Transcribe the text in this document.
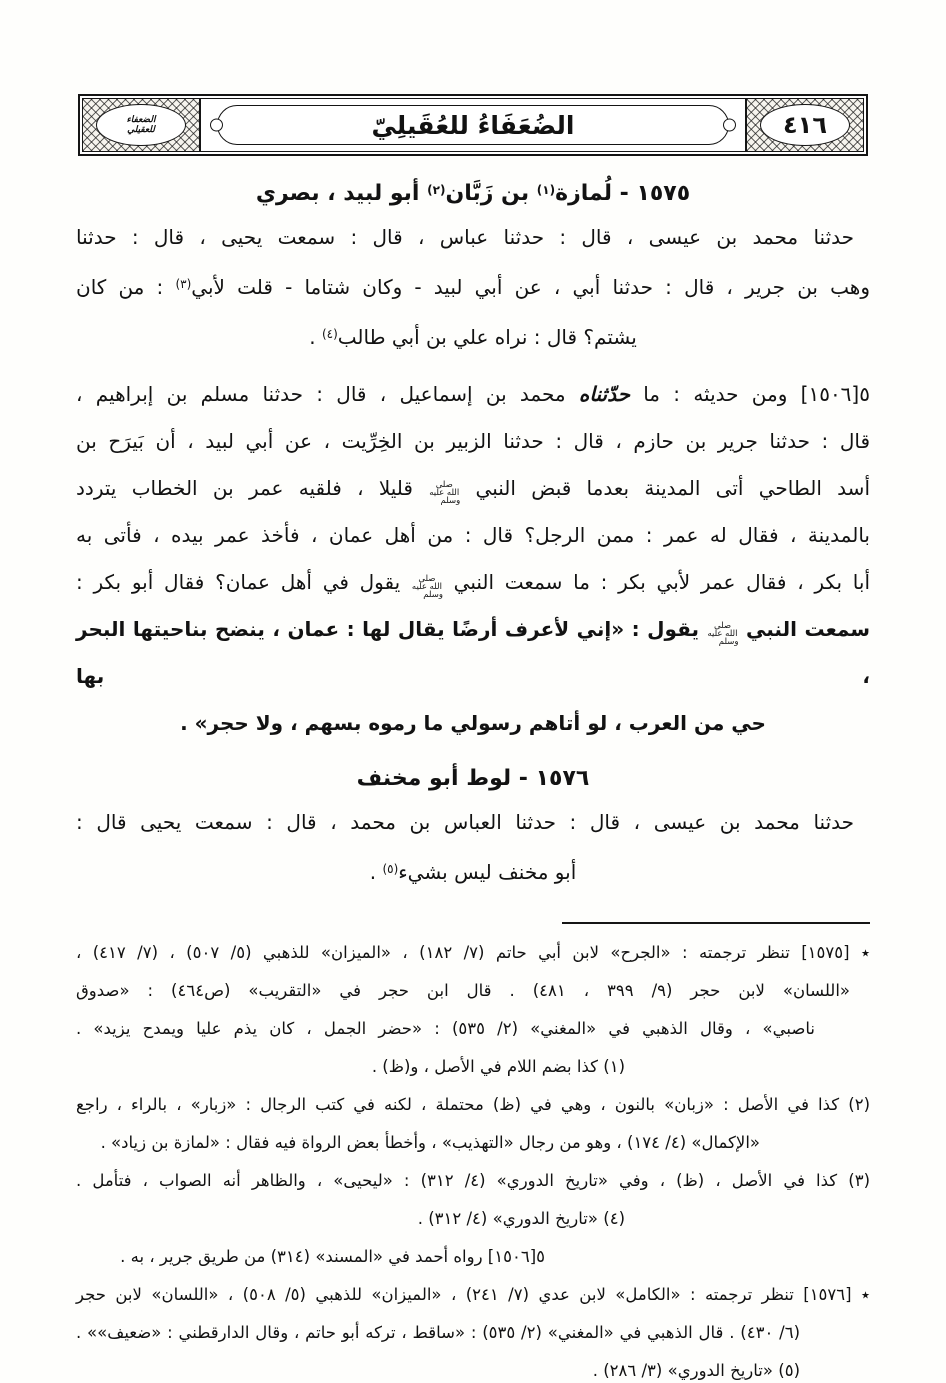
٤١٦
الضُعَفَاءُ للعُقَيلِيّ
الضعفاء
للعقيلي
١٥٧٥ - لُمازة$^{(١)}$ بن زَبَّان$^{(٢)}$ أبو لبيد ، بصري
حدثنا محمد بن عيسى ، قال : حدثنا عباس ، قال : سمعت يحيى ، قال : حدثنا
وهب بن جرير ، قال : حدثنا أبي ، عن أبي لبيد - وكان شتاما - قلت لأبي$^{(٣)}$ : من كان
يشتم؟ قال : نراه علي بن أبي طالب$^{(٤)}$ .
٥[١٥٠٦] ومن حديثه : ما حدّثناه محمد بن إسماعيل ، قال : حدثنا مسلم بن إبراهيم ،
قال : حدثنا جرير بن حازم ، قال : حدثنا الزبير بن الخِرِّيت ، عن أبي لبيد ، أن بَيرَح بن
أسد الطاحي أتى المدينة بعدما قبض النبي صلى الله عليه وسلم قليلا ، فلقيه عمر بن الخطاب يتردد
بالمدينة ، فقال له عمر : ممن الرجل؟ قال : من أهل عمان ، فأخذ عمر بيده ، فأتى به
أبا بكر ، فقال عمر لأبي بكر : ما سمعت النبي صلى الله عليه وسلم يقول في أهل عمان؟ فقال أبو بكر :
سمعت النبي صلى الله عليه وسلم يقول : «إني لأعرف أرضًا يقال لها : عمان ، ينضح بناحيتها البحر ، بها
حي من العرب ، لو أتاهم رسولي ما رموه بسهم ، ولا حجر» .
١٥٧٦ - لوط أبو مخنف
حدثنا محمد بن عيسى ، قال : حدثنا العباس بن محمد ، قال : سمعت يحيى قال :
أبو مخنف ليس بشيء$^{(٥)}$ .
٭ [١٥٧٥] تنظر ترجمته : «الجرح» لابن أبي حاتم (٧/ ١٨٢) ، «الميزان» للذهبي (٥/ ٥٠٧) ، (٧/ ٤١٧) ،
«اللسان» لابن حجر (٩/ ٣٩٩ ، ٤٨١) . قال ابن حجر في «التقريب» (ص٤٦٤) : «صدوق
ناصبي» ، وقال الذهبي في «المغني» (٢/ ٥٣٥) : «حضر الجمل ، كان يذم عليا ويمدح يزيد» .
(١) كذا بضم اللام في الأصل ، و(ظ) .
(٢) كذا في الأصل : «زبان» بالنون ، وهي في (ظ) محتملة ، لكنه في كتب الرجال : «زبار» ، بالراء ، راجع
«الإكمال» (٤/ ١٧٤) ، وهو من رجال «التهذيب» ، وأخطأ بعض الرواة فيه فقال : «لمازة بن زياد» .
(٣) كذا في الأصل ، (ظ) ، وفي «تاريخ الدوري» (٤/ ٣١٢) : «ليحيى» ، والظاهر أنه الصواب ، فتأمل .
(٤) «تاريخ الدوري» (٤/ ٣١٢) .
٥[١٥٠٦] رواه أحمد في «المسند» (٣١٤) من طريق جرير ، به .
٭ [١٥٧٦] تنظر ترجمته : «الكامل» لابن عدي (٧/ ٢٤١) ، «الميزان» للذهبي (٥/ ٥٠٨) ، «اللسان» لابن حجر
(٦/ ٤٣٠) . قال الذهبي في «المغني» (٢/ ٥٣٥) : «ساقط ، تركه أبو حاتم ، وقال الدارقطني : «ضعيف»» .
(٥) «تاريخ الدوري» (٣/ ٢٨٦) .
